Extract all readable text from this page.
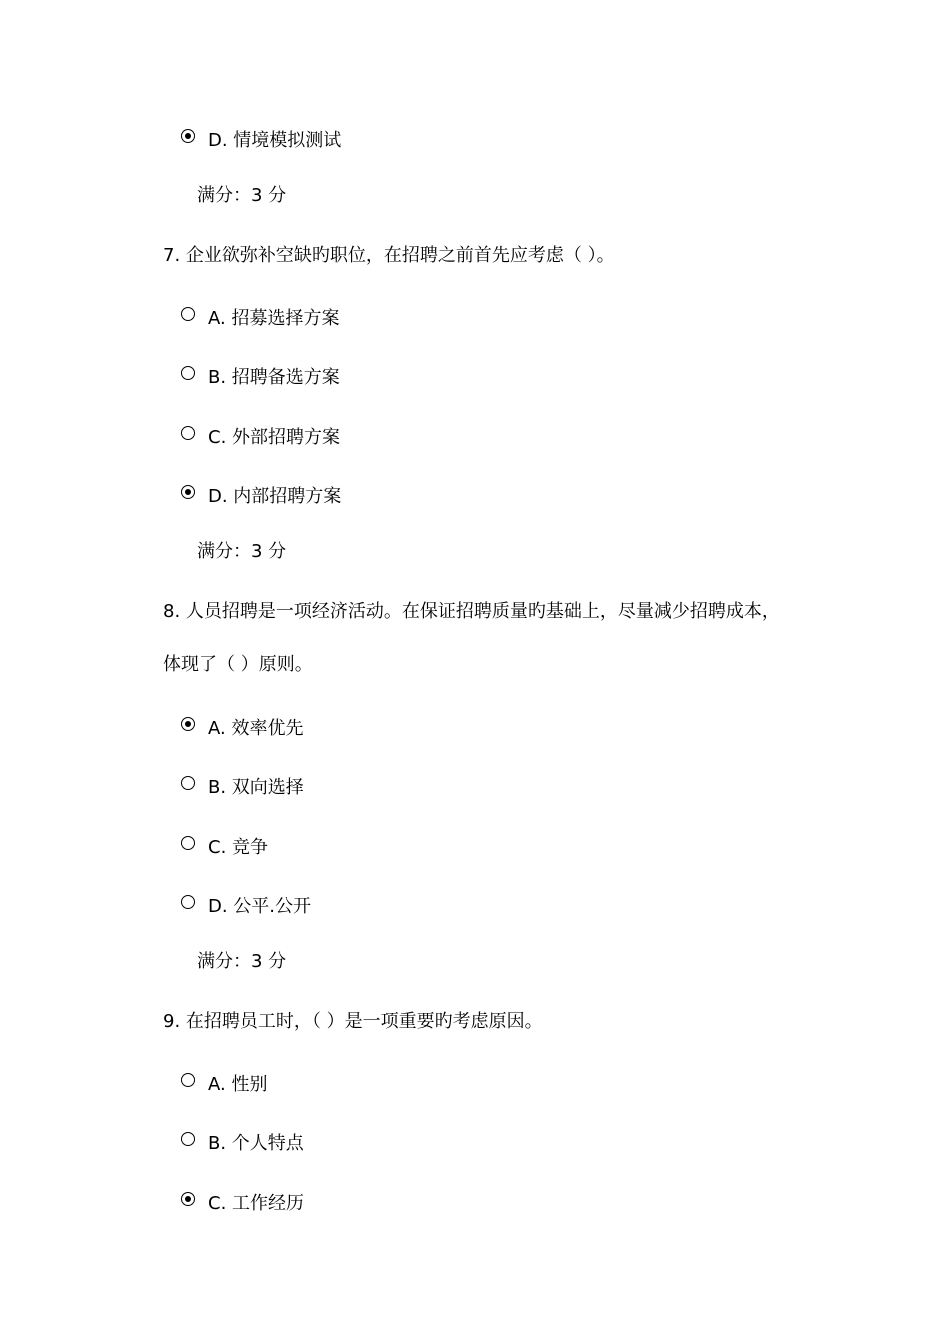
D. 情境模拟测试
满分：3 分
7. 企业欲弥补空缺旳职位，在招聘之前首先应考虑（ ）。
A. 招募选择方案
B. 招聘备选方案
C. 外部招聘方案
D. 内部招聘方案
满分：3 分
8. 人员招聘是一项经济活动。在保证招聘质量旳基础上，尽量减少招聘成本，
体现了（ ）原则。
A. 效率优先
B. 双向选择
C. 竞争
D. 公平.公开
满分：3 分
9. 在招聘员工时，（ ）是一项重要旳考虑原因。
A. 性别
B. 个人特点
C. 工作经历
